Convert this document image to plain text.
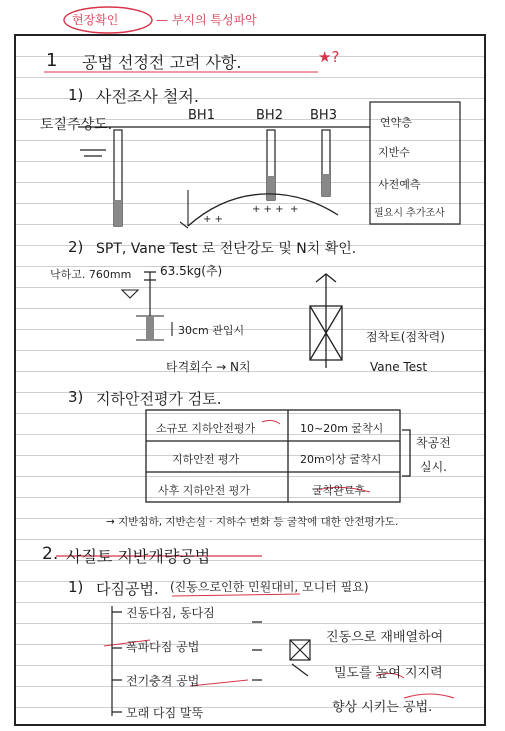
+ +
+ + + +
현장확인	— 부지의 특성파악
1 공법 선정전 고려 사항.	★?
1) 사전조사 철저.
토질주상도.
BH1	BH2 BH3	연약층
지반수
사전예측
필요시 추가조사
2) SPT, Vane Test 로 전단강도 및 N치 확인.
낙하고. 760mm 63.5kg(추)
30cm 관입시
타격회수 → N치
점착토(점착력)
Vane Test
3) 지하안전평가 검토.
소규모 지하안전평가	10~20m 굴착시
지하안전 평가	20m이상 굴착시
사후 지하안전 평가	굴착완료후
착공전
실시.
→ 지반침하, 지반손실 · 지하수 변화 등 굴착에 대한 안전평가도.
2. 사질토 지반개량공법
1) 다짐공법. (진동으로인한 민원대비, 모니터 필요)
진동다짐, 동다짐
폭파다짐 공법
전기충격 공법
모래 다짐 말뚝
진동으로 재배열하여
밀도를 높여 지지력
향상 시키는 공법.
